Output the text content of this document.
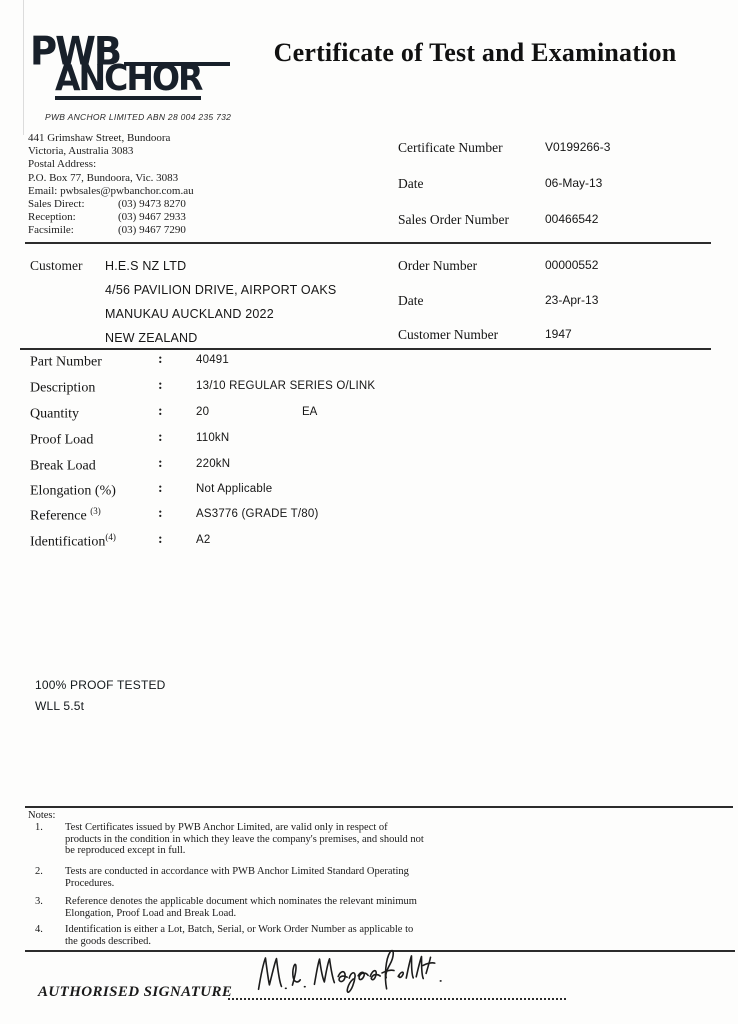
PWB
ANCHOR
PWB ANCHOR LIMITED ABN 28 004 235 732
Certificate of Test and Examination
441 Grimshaw Street, Bundoora
Victoria, Australia 3083
Postal Address:
P.O. Box 77, Bundoora, Vic. 3083
Email: pwbsales@pwbanchor.com.au
Sales Direct:	(03) 9473 8270
Reception:	(03) 9467 2933
Facsimile:	(03) 9467 7290
Certificate Number	V0199266-3
Date	06-May-13
Sales Order Number	00466542
Customer H.E.S NZ LTD
4/56 PAVILION DRIVE, AIRPORT OAKS
MANUKAU AUCKLAND 2022
NEW ZEALAND
Order Number	00000552
Date	23-Apr-13
Customer Number	1947
Part Number	:	40491
Description	:	13/10 REGULAR SERIES O/LINK
Quantity	:	20	EA
Proof Load	:	110kN
Break Load	:	220kN
Elongation (%)	:	Not Applicable
Reference $^{(3)}$	:	AS3776 (GRADE T/80)
Identification$^{(4)}$	:	A2
100% PROOF TESTED
WLL 5.5t
Notes:
1. Test Certificates issued by PWB Anchor Limited, are valid only in respect of products in the condition in which they leave the company's premises, and should not be reproduced except in full.
2. Tests are conducted in accordance with PWB Anchor Limited Standard Operating Procedures.
3. Reference denotes the applicable document which nominates the relevant minimum Elongation, Proof Load and Break Load.
4. Identification is either a Lot, Batch, Serial, or Work Order Number as applicable to the goods described.
AUTHORISED SIGNATURE
